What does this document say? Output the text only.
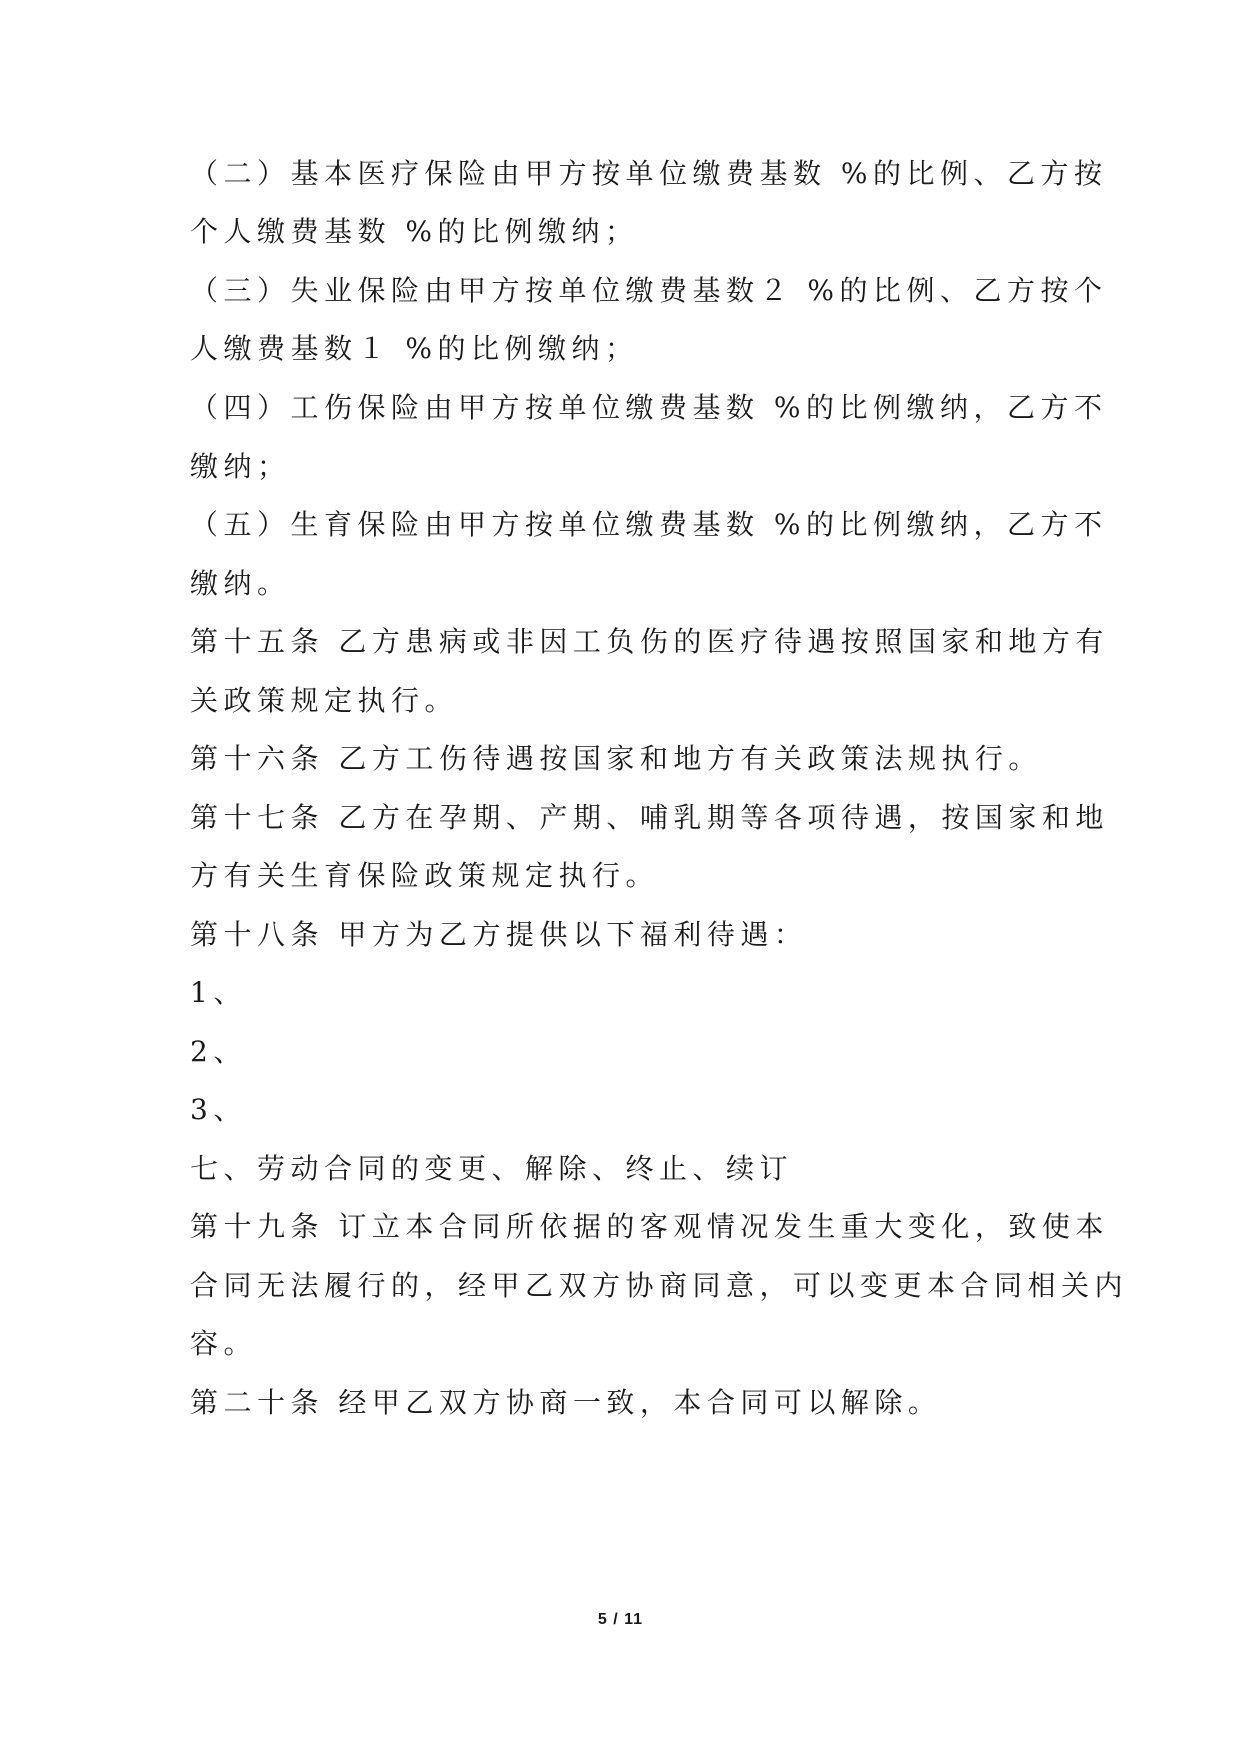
（二）基本医疗保险由甲方按单位缴费基数 %的比例、乙方按
个人缴费基数 %的比例缴纳；
（三）失业保险由甲方按单位缴费基数２ %的比例、乙方按个
人缴费基数１ %的比例缴纳；
（四）工伤保险由甲方按单位缴费基数 %的比例缴纳，乙方不
缴纳；
（五）生育保险由甲方按单位缴费基数 %的比例缴纳，乙方不
缴纳。
第十五条 乙方患病或非因工负伤的医疗待遇按照国家和地方有
关政策规定执行。
第十六条 乙方工伤待遇按国家和地方有关政策法规执行。
第十七条 乙方在孕期、产期、哺乳期等各项待遇，按国家和地
方有关生育保险政策规定执行。
第十八条 甲方为乙方提供以下福利待遇：
1、
2、
3、
七、劳动合同的变更、解除、终止、续订
第十九条 订立本合同所依据的客观情况发生重大变化，致使本
合同无法履行的，经甲乙双方协商同意，可以变更本合同相关内
容。
第二十条 经甲乙双方协商一致，本合同可以解除。
5 / 11
